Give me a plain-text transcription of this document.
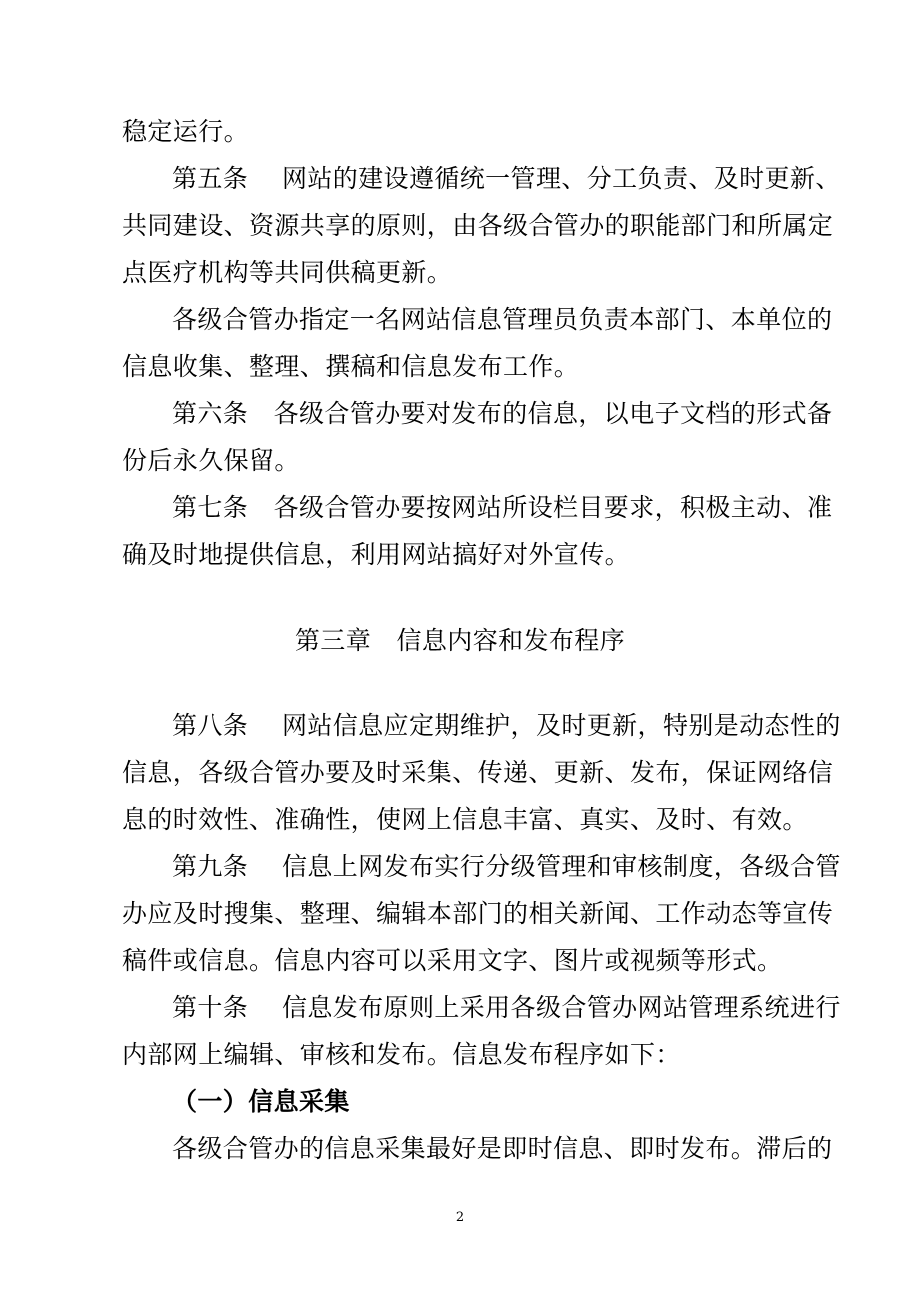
稳定运行。
第五条　 网站的建设遵循统一管理、分工负责、及时更新、
共同建设、资源共享的原则，由各级合管办的职能部门和所属定
点医疗机构等共同供稿更新。
各级合管办指定一名网站信息管理员负责本部门、本单位的
信息收集、整理、撰稿和信息发布工作。
第六条　各级合管办要对发布的信息，以电子文档的形式备
份后永久保留。
第七条　各级合管办要按网站所设栏目要求，积极主动、准
确及时地提供信息，利用网站搞好对外宣传。
第三章　信息内容和发布程序
第八条　 网站信息应定期维护，及时更新，特别是动态性的
信息，各级合管办要及时采集、传递、更新、发布，保证网络信
息的时效性、准确性，使网上信息丰富、真实、及时、有效。
第九条　 信息上网发布实行分级管理和审核制度，各级合管
办应及时搜集、整理、编辑本部门的相关新闻、工作动态等宣传
稿件或信息。信息内容可以采用文字、图片或视频等形式。
第十条　 信息发布原则上采用各级合管办网站管理系统进行
内部网上编辑、审核和发布。信息发布程序如下：
（一）信息采集
各级合管办的信息采集最好是即时信息、即时发布。滞后的
2
